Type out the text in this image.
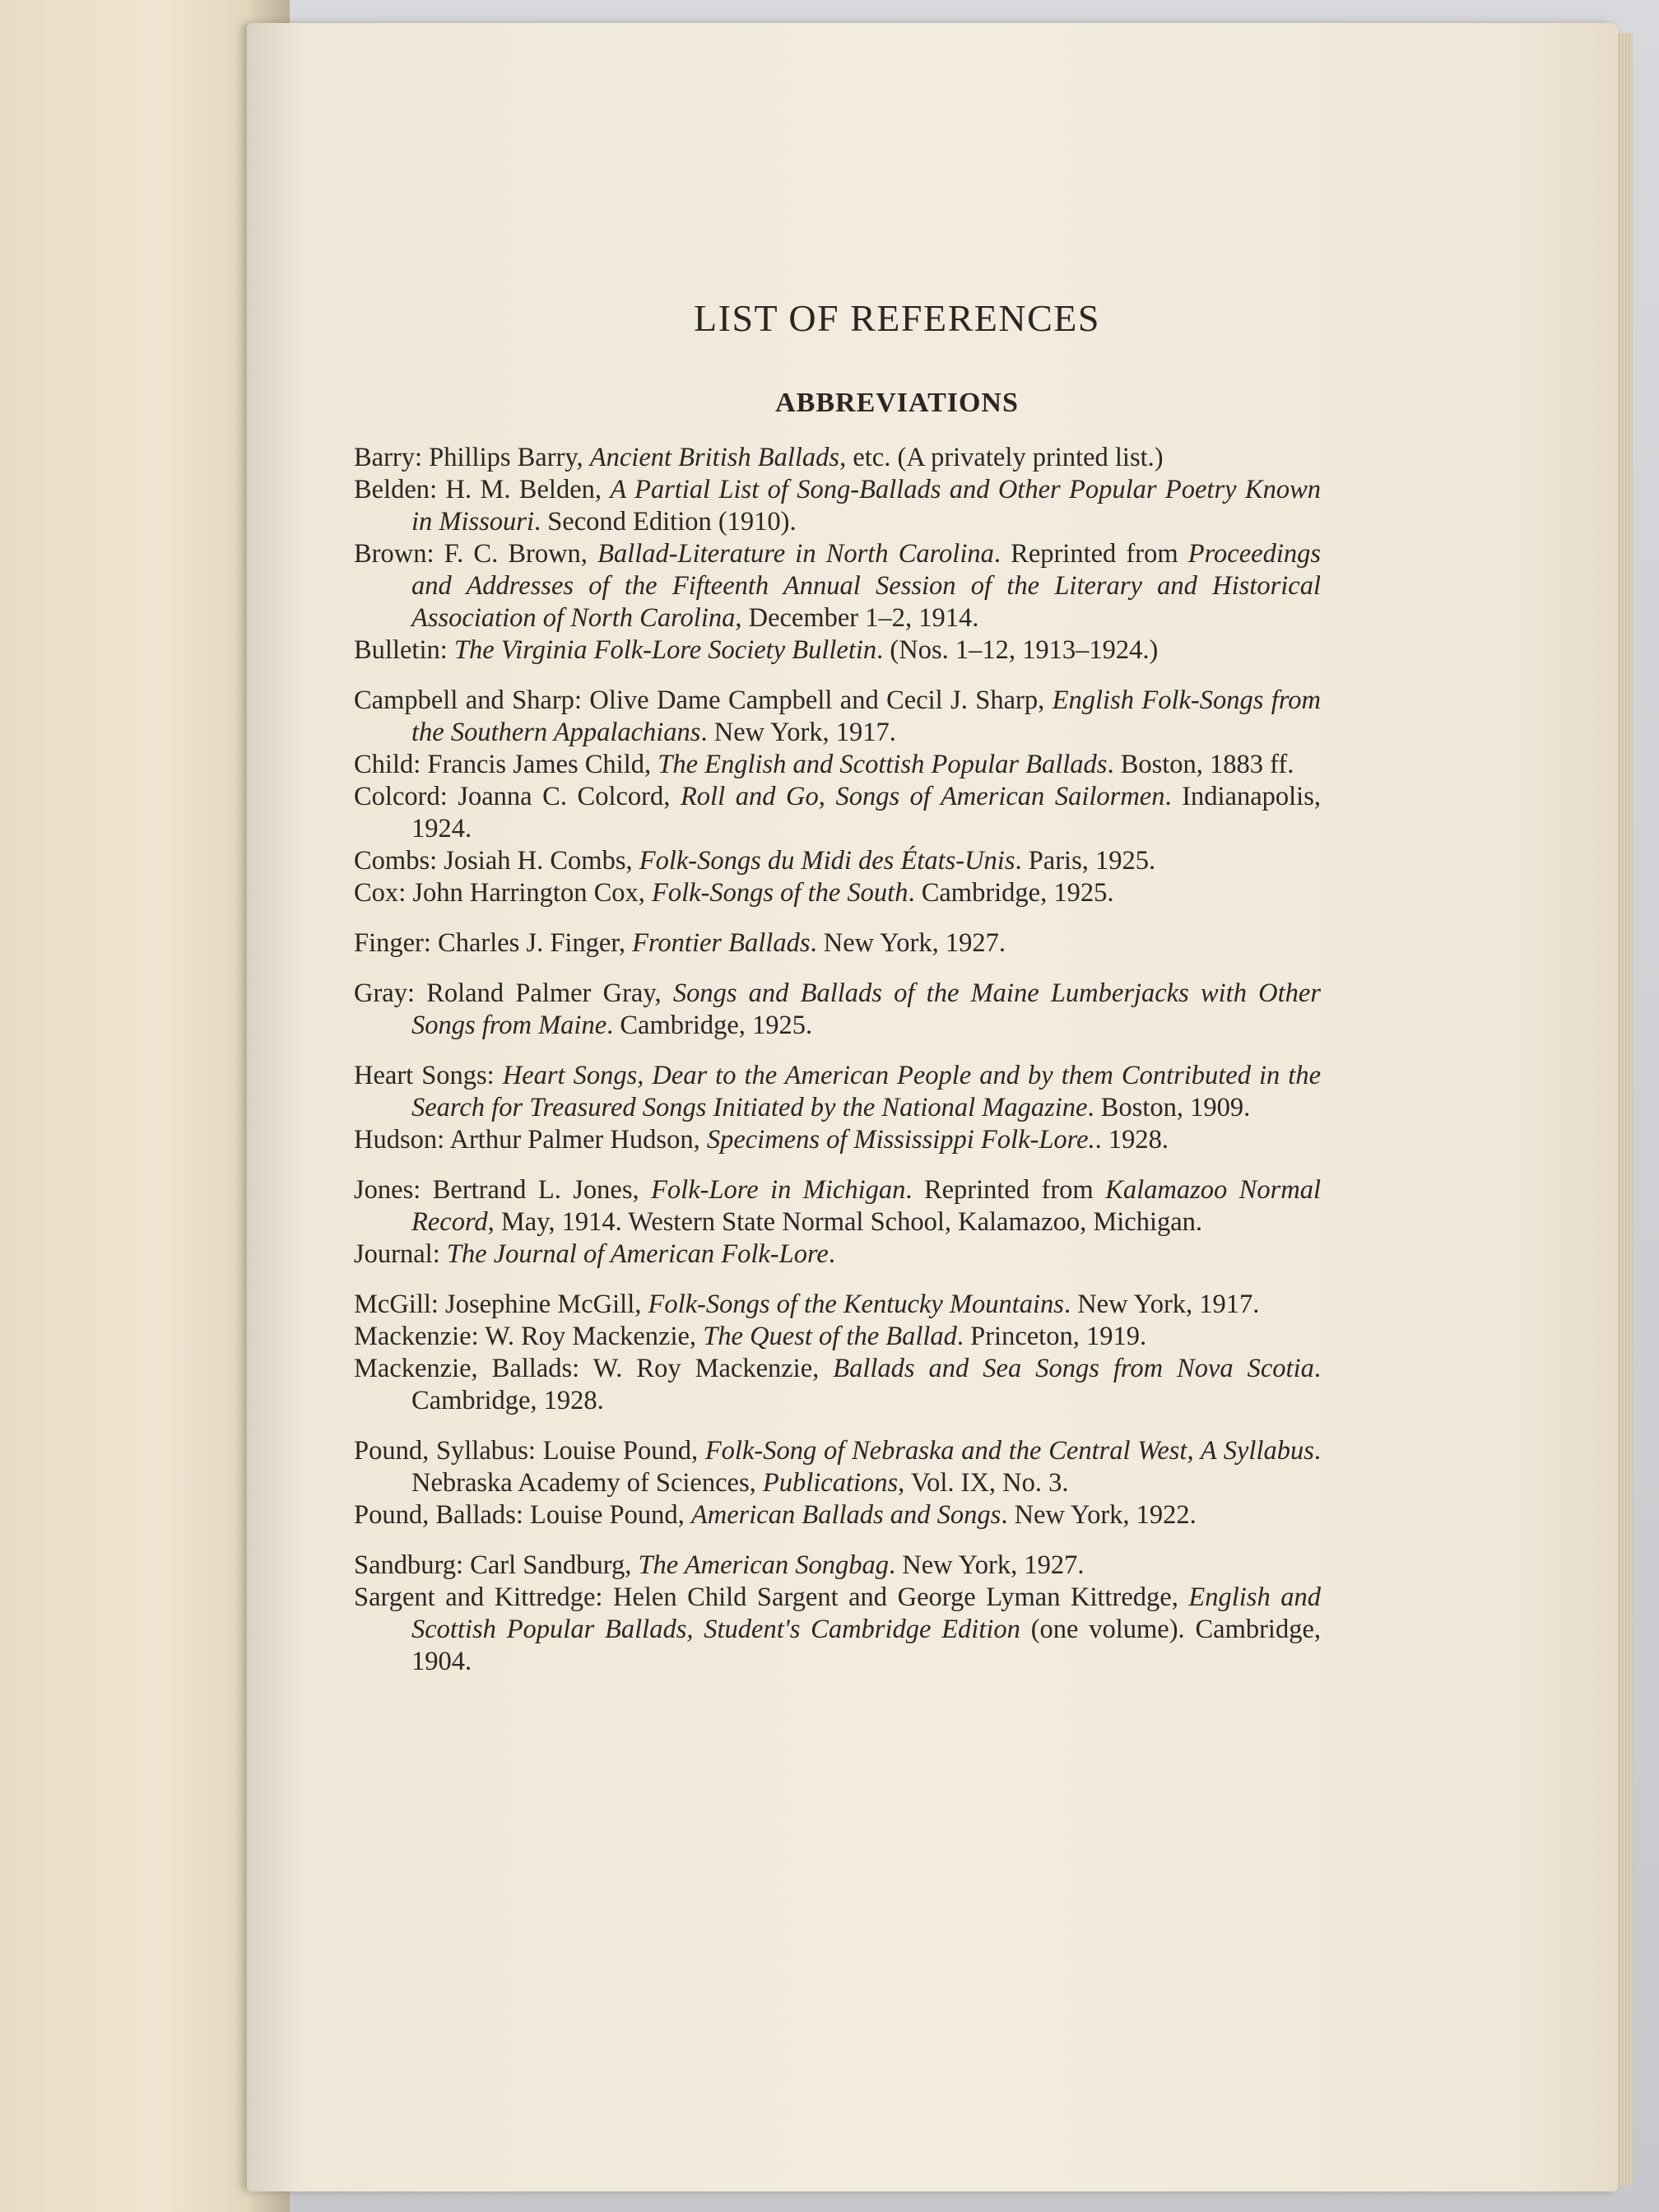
LIST OF REFERENCES
ABBREVIATIONS
Barry: Phillips Barry, Ancient British Ballads, etc. (A privately printed list.)
Belden: H. M. Belden, A Partial List of Song-Ballads and Other Popular Poetry Known in Missouri. Second Edition (1910).
Brown: F. C. Brown, Ballad-Literature in North Carolina. Reprinted from Proceedings and Addresses of the Fifteenth Annual Session of the Literary and Historical Association of North Carolina, December 1–2, 1914.
Bulletin: The Virginia Folk-Lore Society Bulletin. (Nos. 1–12, 1913–1924.)
Campbell and Sharp: Olive Dame Campbell and Cecil J. Sharp, English Folk-Songs from the Southern Appalachians. New York, 1917.
Child: Francis James Child, The English and Scottish Popular Ballads. Boston, 1883 ff.
Colcord: Joanna C. Colcord, Roll and Go, Songs of American Sailormen. Indianapolis, 1924.
Combs: Josiah H. Combs, Folk-Songs du Midi des États-Unis. Paris, 1925.
Cox: John Harrington Cox, Folk-Songs of the South. Cambridge, 1925.
Finger: Charles J. Finger, Frontier Ballads. New York, 1927.
Gray: Roland Palmer Gray, Songs and Ballads of the Maine Lumberjacks with Other Songs from Maine. Cambridge, 1925.
Heart Songs: Heart Songs, Dear to the American People and by them Contributed in the Search for Treasured Songs Initiated by the National Magazine. Boston, 1909.
Hudson: Arthur Palmer Hudson, Specimens of Mississippi Folk-Lore.. 1928.
Jones: Bertrand L. Jones, Folk-Lore in Michigan. Reprinted from Kalamazoo Normal Record, May, 1914. Western State Normal School, Kalamazoo, Michigan.
Journal: The Journal of American Folk-Lore.
McGill: Josephine McGill, Folk-Songs of the Kentucky Mountains. New York, 1917.
Mackenzie: W. Roy Mackenzie, The Quest of the Ballad. Princeton, 1919.
Mackenzie, Ballads: W. Roy Mackenzie, Ballads and Sea Songs from Nova Scotia. Cambridge, 1928.
Pound, Syllabus: Louise Pound, Folk-Song of Nebraska and the Central West, A Syllabus. Nebraska Academy of Sciences, Publications, Vol. IX, No. 3.
Pound, Ballads: Louise Pound, American Ballads and Songs. New York, 1922.
Sandburg: Carl Sandburg, The American Songbag. New York, 1927.
Sargent and Kittredge: Helen Child Sargent and George Lyman Kittredge, English and Scottish Popular Ballads, Student's Cambridge Edition (one volume). Cambridge, 1904.
